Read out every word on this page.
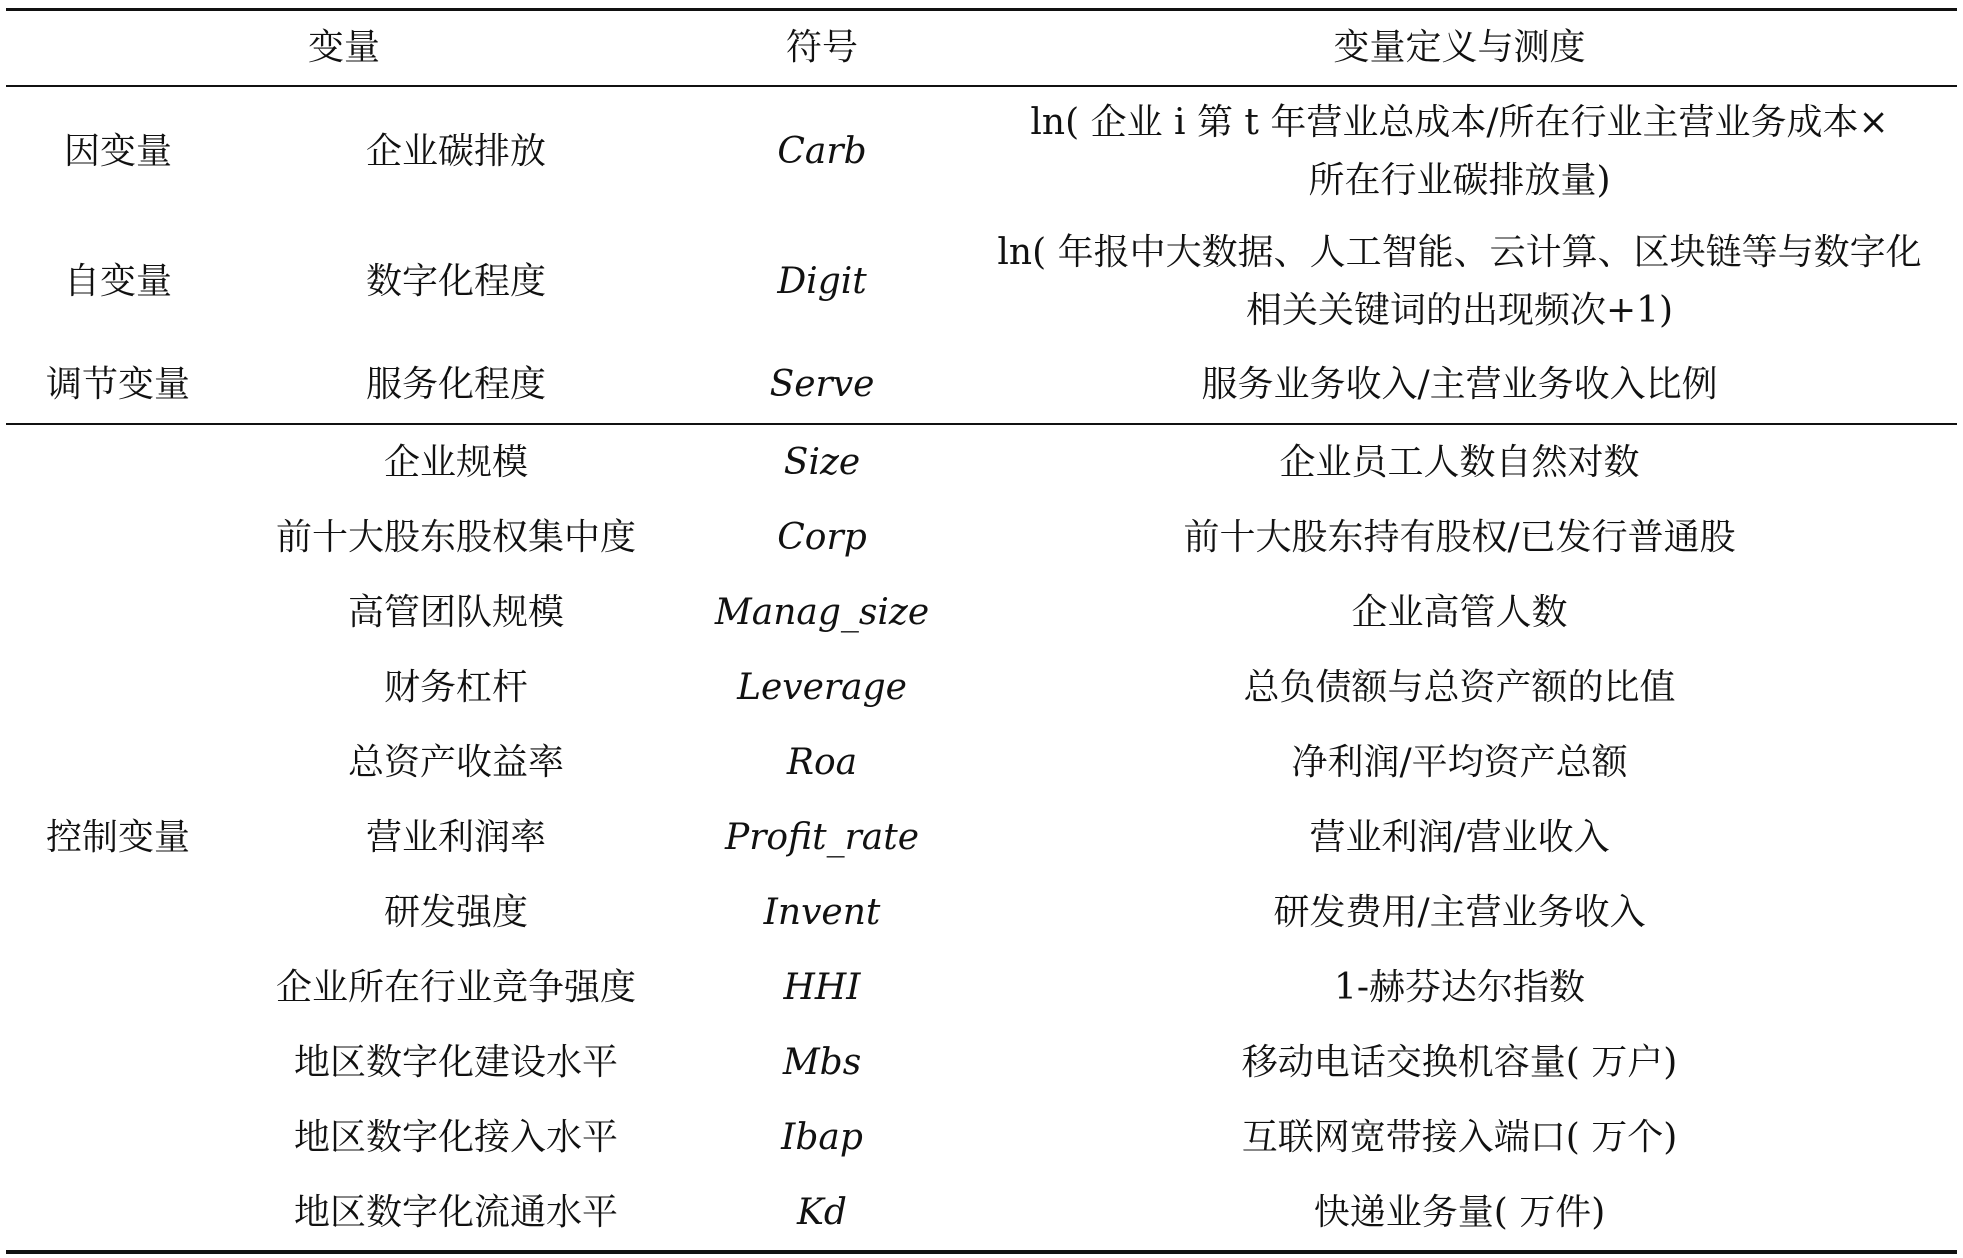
变量		符号	变量定义与测度
因变量	企业碳排放	Carb	ln( 企业 i 第 t 年营业总成本/所在行业主营业务成本×
所在行业碳排放量)

自变量	数字化程度	Digit	ln( 年报中大数据、人工智能、云计算、区块链等与数字化
相关关键词的出现频次+1)

调节变量	服务化程度	Serve	服务业务收入/主营业务收入比例
控制变量	企业规模	Size	企业员工人数自然对数
	前十大股东股权集中度	Corp	前十大股东持有股权/已发行普通股
	高管团队规模	Manag_size	企业高管人数
	财务杠杆	Leverage	总负债额与总资产额的比值
	总资产收益率	Roa	净利润/平均资产总额
	营业利润率	Profit_rate	营业利润/营业收入
	研发强度	Invent	研发费用/主营业务收入
	企业所在行业竞争强度	HHI	1-赫芬达尔指数
	地区数字化建设水平	Mbs	移动电话交换机容量( 万户)
	地区数字化接入水平	Ibap	互联网宽带接入端口( 万个)
	地区数字化流通水平	Kd	快递业务量( 万件)
